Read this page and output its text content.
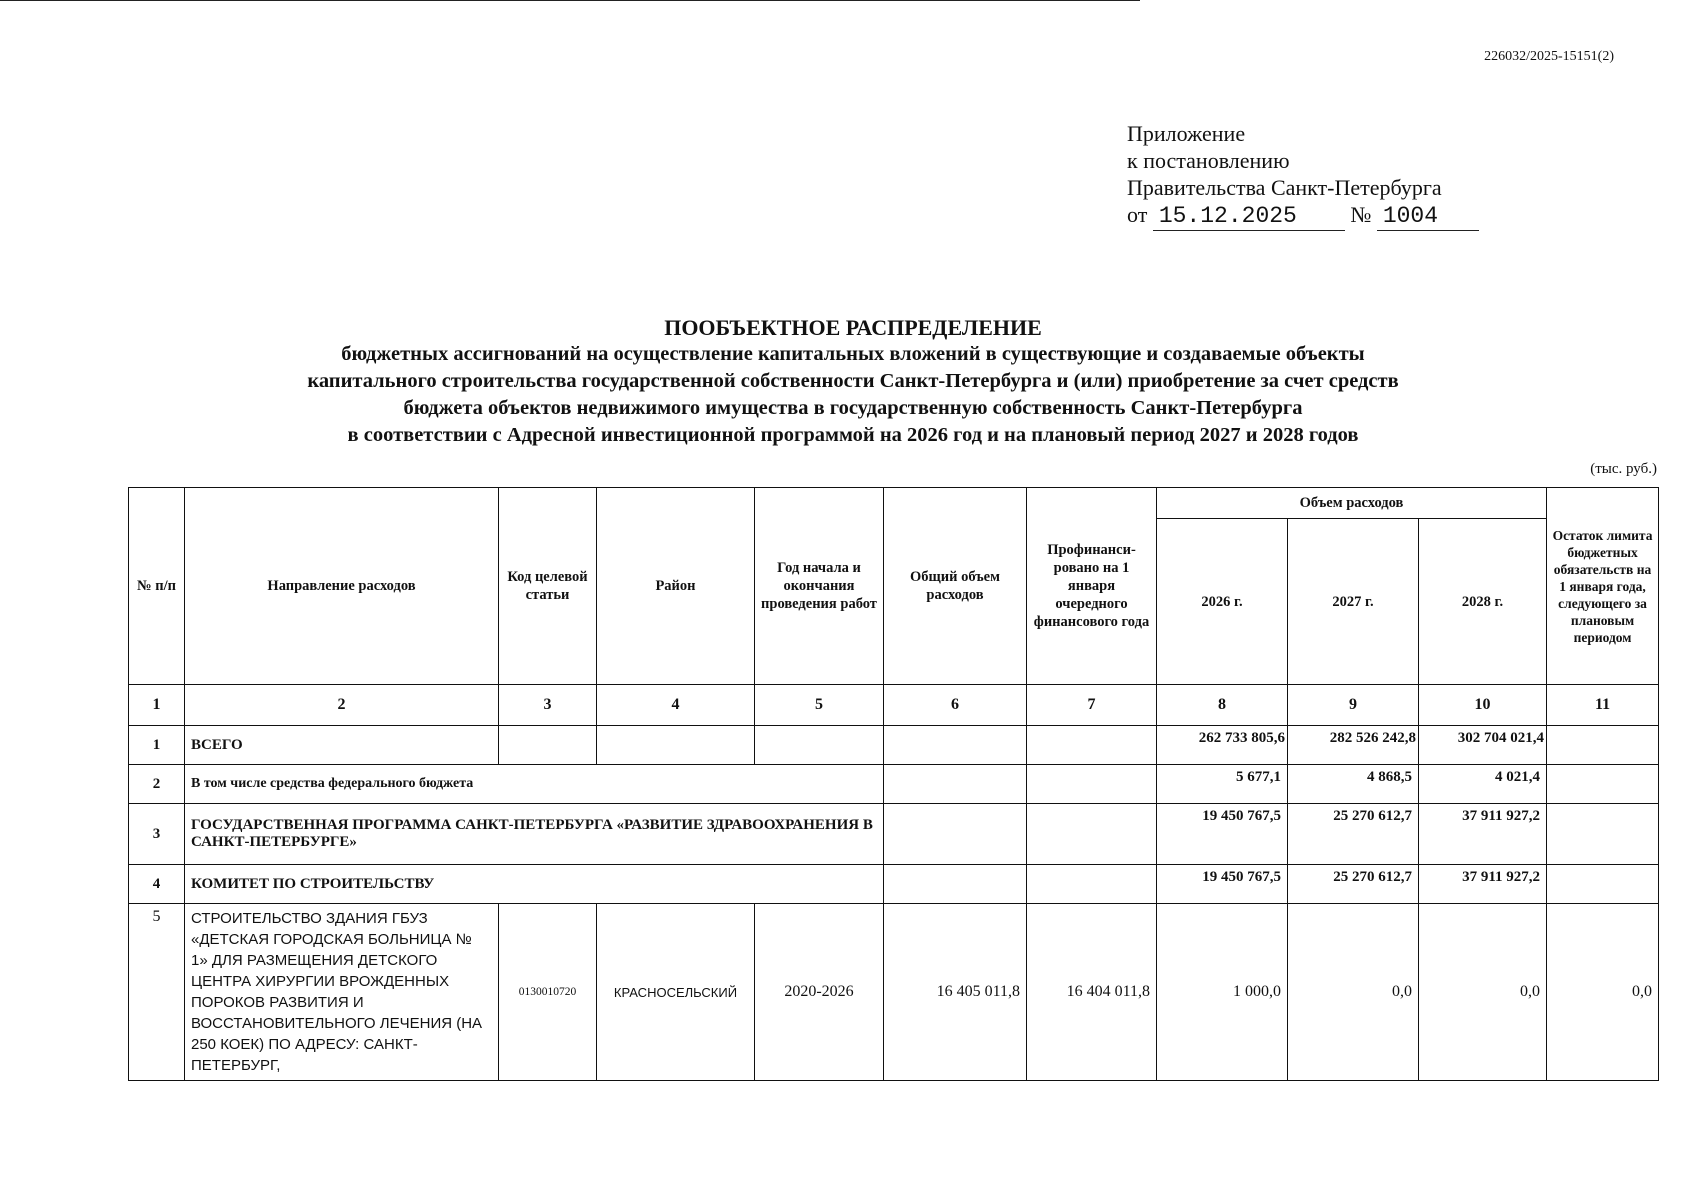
226032/2025-15151(2)
Приложение
к постановлению
Правительства Санкт-Петербурга
от 15.12.2025 № 1004
ПООБЪЕКТНОЕ РАСПРЕДЕЛЕНИЕ
бюджетных ассигнований на осуществление капитальных вложений в существующие и создаваемые объекты
капитального строительства государственной собственности Санкт-Петербурга и (или) приобретение за счет средств
бюджета объектов недвижимого имущества в государственную собственность Санкт-Петербурга
в соответствии с Адресной инвестиционной программой на 2026 год и на плановый период 2027 и 2028 годов
(тыс. руб.)
№ п/п	Направление расходов	Код целевой статьи	Район	Год начала и окончания проведения работ	Общий объем расходов	Профинанси-ровано на 1 января очередного финансового года	Объем расходов			Остаток лимита бюджетных обязательств на 1 января года, следующего за плановым периодом
							2026 г.	2027 г.	2028 г.	
1	2	3	4	5	6	7	8	9	10	11
1	ВСЕГО						262 733 805,6	282 526 242,8	302 704 021,4	
2	В том числе средства федерального бюджета						5 677,1	4 868,5	4 021,4	
3	ГОСУДАРСТВЕННАЯ ПРОГРАММА САНКТ-ПЕТЕРБУРГА «РАЗВИТИЕ ЗДРАВООХРАНЕНИЯ В САНКТ-ПЕТЕРБУРГЕ»						19 450 767,5	25 270 612,7	37 911 927,2	
4	КОМИТЕТ ПО СТРОИТЕЛЬСТВУ						19 450 767,5	25 270 612,7	37 911 927,2	
5	СТРОИТЕЛЬСТВО ЗДАНИЯ ГБУЗ «ДЕТСКАЯ ГОРОДСКАЯ БОЛЬНИЦА № 1» ДЛЯ РАЗМЕЩЕНИЯ ДЕТСКОГО ЦЕНТРА ХИРУРГИИ ВРОЖДЕННЫХ ПОРОКОВ РАЗВИТИЯ И ВОССТАНОВИТЕЛЬНОГО ЛЕЧЕНИЯ (НА 250 КОЕК) ПО АДРЕСУ: САНКТ-ПЕТЕРБУРГ,	0130010720	КРАСНОСЕЛЬСКИЙ	2020-2026	16 405 011,8	16 404 011,8	1 000,0	0,0	0,0	0,0
